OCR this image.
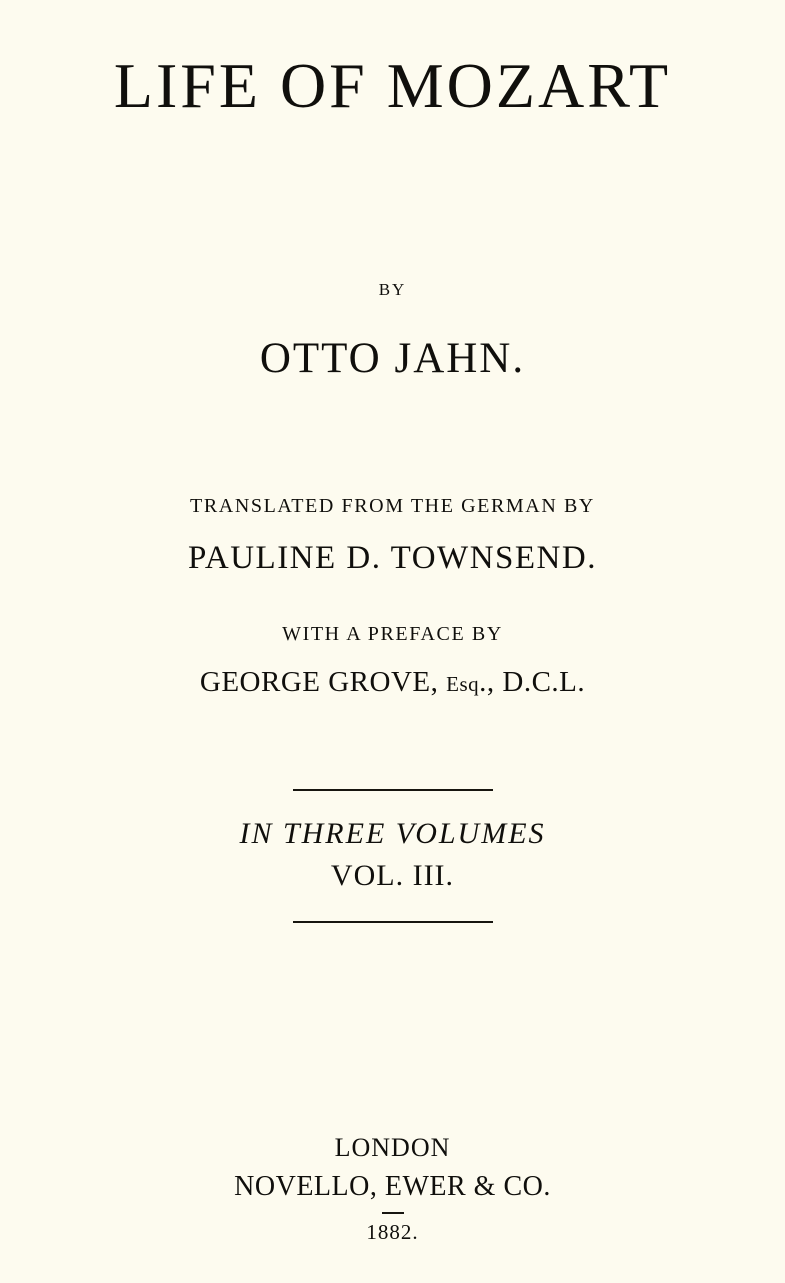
LIFE OF MOZART
BY
OTTO JAHN.
TRANSLATED FROM THE GERMAN BY
PAULINE D. TOWNSEND.
WITH A PREFACE BY
GEORGE GROVE, Esq., D.C.L.
IN THREE VOLUMES
VOL. III.
LONDON
NOVELLO, EWER & CO.
1882.
